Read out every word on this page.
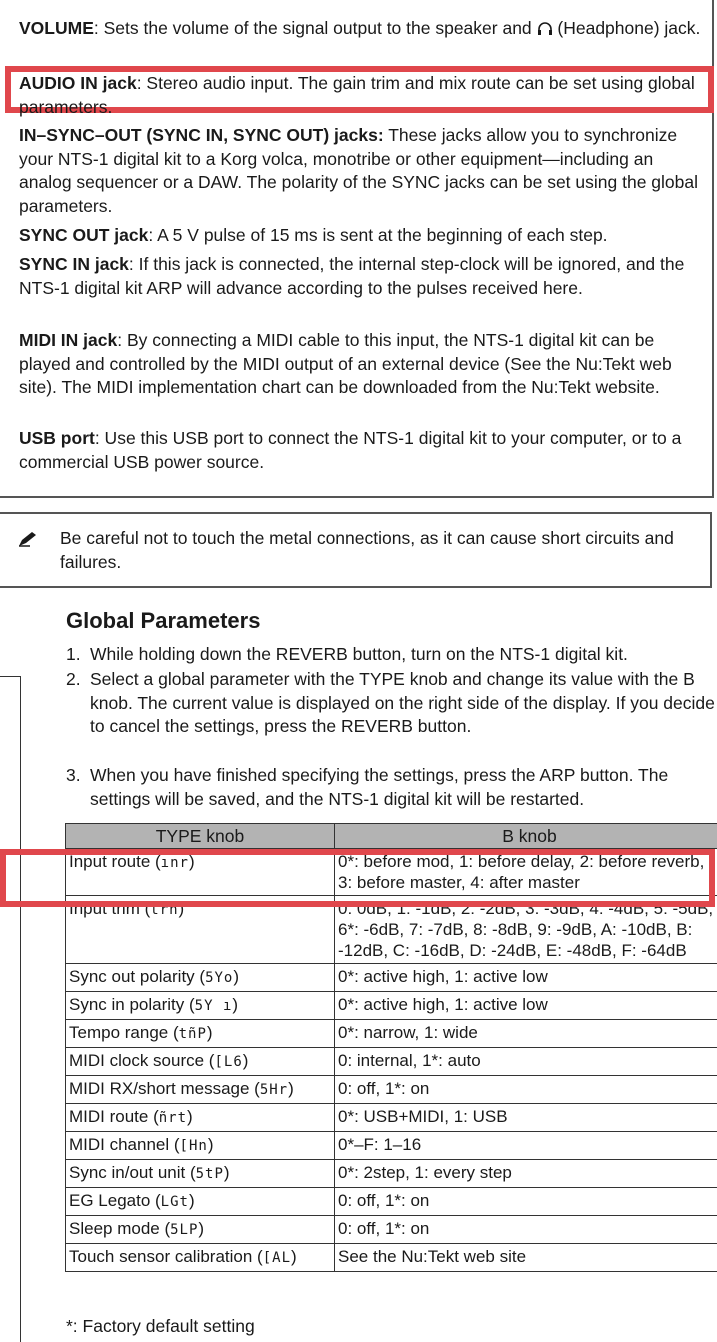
VOLUME: Sets the volume of the signal output to the speaker and  (Headphone) jack.
AUDIO IN jack: Stereo audio input. The gain trim and mix route can be set using global parameters.
IN–SYNC–OUT (SYNC IN, SYNC OUT) jacks: These jacks allow you to synchronize your NTS-1 digital kit to a Korg volca, monotribe or other equipment—including an analog sequencer or a DAW. The polarity of the SYNC jacks can be set using the global parameters.
SYNC OUT jack: A 5 V pulse of 15 ms is sent at the beginning of each step.
SYNC IN jack: If this jack is connected, the internal step-clock will be ignored, and the NTS-1 digital kit ARP will advance according to the pulses received here.
MIDI IN jack: By connecting a MIDI cable to this input, the NTS-1 digital kit can be played and controlled by the MIDI output of an external device (See the Nu:Tekt web site). The MIDI implementation chart can be downloaded from the Nu:Tekt website.
USB port: Use this USB port to connect the NTS-1 digital kit to your computer, or to a commercial USB power source.
Be careful not to touch the metal connections, as it can cause short circuits and failures.
Global Parameters
1. While holding down the REVERB button, turn on the NTS-1 digital kit.
2. Select a global parameter with the TYPE knob and change its value with the B knob. The current value is displayed on the right side of the display. If you decide to cancel the settings, press the REVERB button.
3. When you have finished specifying the settings, press the ARP button. The settings will be saved, and the NTS-1 digital kit will be restarted.
TYPE knob	B knob
Input route (ınr)	0*: before mod, 1: before delay, 2: before reverb, 3: before master, 4: after master
Input trim (trñ)	0: 0dB, 1: -1dB, 2: -2dB, 3: -3dB, 4: -4dB, 5: -5dB, 6*: -6dB, 7: -7dB, 8: -8dB, 9: -9dB, A: -10dB, B: -12dB, C: -16dB, D: -24dB, E: -48dB, F: -64dB
Sync out polarity (5Yo)	0*: active high, 1: active low
Sync in polarity (5Y ı)	0*: active high, 1: active low
Tempo range (tñP)	0*: narrow, 1: wide
MIDI clock source ([L6)	0: internal, 1*: auto
MIDI RX/short message (5Hr)	0: off, 1*: on
MIDI route (ñrt)	0*: USB+MIDI, 1: USB
MIDI channel ([Hn)	0*–F: 1–16
Sync in/out unit (5tP)	0*: 2step, 1: every step
EG Legato (LGt)	0: off, 1*: on
Sleep mode (5LP)	0: off, 1*: on
Touch sensor calibration ([AL)	See the Nu:Tekt web site
*: Factory default setting
